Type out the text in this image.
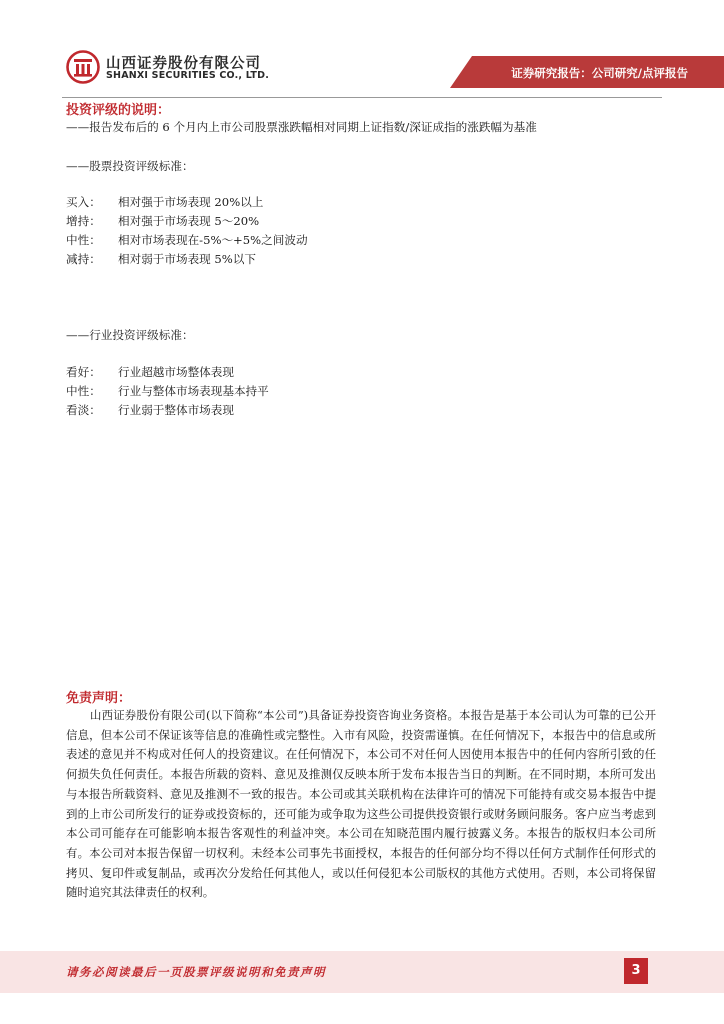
山西证券股份有限公司
SHANXI SECURITIES CO., LTD.	证券研究报告：公司研究/点评报告
投资评级的说明：
——报告发布后的 6 个月内上市公司股票涨跌幅相对同期上证指数/深证成指的涨跌幅为基准
——股票投资评级标准：
买入： 相对强于市场表现 20%以上
增持： 相对强于市场表现 5～20%
中性： 相对市场表现在-5%～+5%之间波动
减持： 相对弱于市场表现 5%以下
——行业投资评级标准：
看好： 行业超越市场整体表现
中性： 行业与整体市场表现基本持平
看淡： 行业弱于整体市场表现
免责声明：

山西证券股份有限公司(以下简称“本公司”)具备证券投资咨询业务资格。本报告是基于本公司认为可靠的已公开信息，但本公司不保证该等信息的准确性或完整性。入市有风险，投资需谨慎。在任何情况下，本报告中的信息或所表述的意见并不构成对任何人的投资建议。在任何情况下，本公司不对任何人因使用本报告中的任何内容所引致的任何损失负任何责任。本报告所载的资料、意见及推测仅反映本所于发布本报告当日的判断。在不同时期，本所可发出与本报告所载资料、意见及推测不一致的报告。本公司或其关联机构在法律许可的情况下可能持有或交易本报告中提到的上市公司所发行的证券或投资标的，还可能为或争取为这些公司提供投资银行或财务顾问服务。客户应当考虑到本公司可能存在可能影响本报告客观性的利益冲突。本公司在知晓范围内履行披露义务。本报告的版权归本公司所有。本公司对本报告保留一切权利。未经本公司事先书面授权，本报告的任何部分均不得以任何方式制作任何形式的拷贝、复印件或复制品，或再次分发给任何其他人，或以任何侵犯本公司版权的其他方式使用。否则，本公司将保留随时追究其法律责任的权利。

请务必阅读最后一页股票评级说明和免责声明	3
